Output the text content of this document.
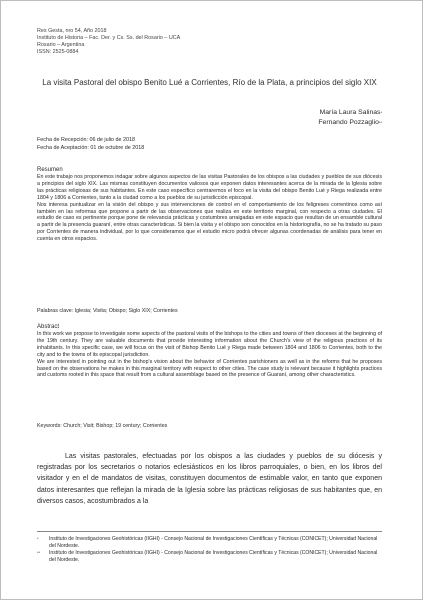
Res Gesta, nro 54, Año 2018
Instituto de Historia – Fac. Der. y Cs. Ss. del Rosario – UCA
Rosario – Argentina
ISSN: 2525-0884
La visita Pastoral del obispo Benito Lué a Corrientes, Río de la Plata, a principios del siglo XIX
María Laura Salinas*
Fernando Pozzaglio**
Fecha de Recepción: 06 de julio de 2018
Fecha de Aceptación: 01 de octubre de 2018
Resumen

En este trabajo nos proponemos indagar sobre algunos aspectos de las visitas Pastorales de los obispos a las ciudades y pueblos de sus diócesis a principios del siglo XIX. Las mismas constituyen documentos valiosos que exponen datos interesantes acerca de la mirada de la Iglesia sobre las prácticas religiosas de sus habitantes. En este caso específico centraremos el foco en la visita del obispo Benito Lué y Riega realizada entre 1804 y 1806 a Corrientes, tanto a la ciudad como a los pueblos de su jurisdicción episcopal.

Nos interesa puntualizar en la visión del obispo y sus intervenciones de control en el comportamiento de los feligreses correntinos como así también en las reformas que propone a partir de las observaciones que realiza en este territorio marginal, con respecto a otras ciudades. El estudio de caso es pertinente porque pone de relevancia prácticas y costumbres arraigadas en este espacio que resultan de un ensamble cultural a partir de la presencia guaraní, entre otras características. Si bien la visita y el obispo son conocidos en la historiografía, no se ha tratado su paso por Corrientes de manera individual, por lo que consideramos que el estudio micro podrá ofrecer algunas coordenadas de análisis para tener en cuenta en otros espacios.

Palabras clave: Iglesia; Visita; Obispo; Siglo XIX; Corrientes
Abstract

In this work we propose to investigate some aspects of the pastoral visits of the bishops to the cities and towns of their dioceses at the beginning of the 19th century. They are valuable documents that provide interesting information about the Church's view of the religious practices of its inhabitants. In this specific case, we will focus on the visit of Bishop Benito Lué y Riega made between 1804 and 1806 to Corrientes, both to the city and to the towns of its episcopal jurisdiction.

We are interested in pointing out in the bishop's vision about the behavior of Corrientes parishioners as well as in the reforms that he proposes based on the observations he makes in this marginal territory with respect to other cities. The case study is relevant because it highlights practices and customs rooted in this space that result from a cultural assemblage based on the presence of Guaraní, among other characteristics.

Keywords: Church; Visit; Bishop; 19 century; Corrientes
Las visitas pastorales, efectuadas por los obispos a las ciudades y pueblos de su diócesis y registradas por los secretarios o notarios eclesiásticos en los libros parroquiales, o bien, en los libros del visitador y en el de mandatos de visitas, constituyen documentos de estimable valor, en tanto que exponen datos interesantes que reflejan la mirada de la Iglesia sobre las prácticas religiosas de sus habitantes que, en diversos casos, acostumbrados a la
* Instituto de Investigaciones Geohistóricas (IIGHI) - Consejo Nacional de Investigaciones Científicas y Técnicas (CONICET); Universidad Nacional del Nordeste.
** Instituto de Investigaciones Geohistóricas (IIGHI) - Consejo Nacional de Investigaciones Científicas y Técnicas (CONICET); Universidad Nacional del Nordeste.
